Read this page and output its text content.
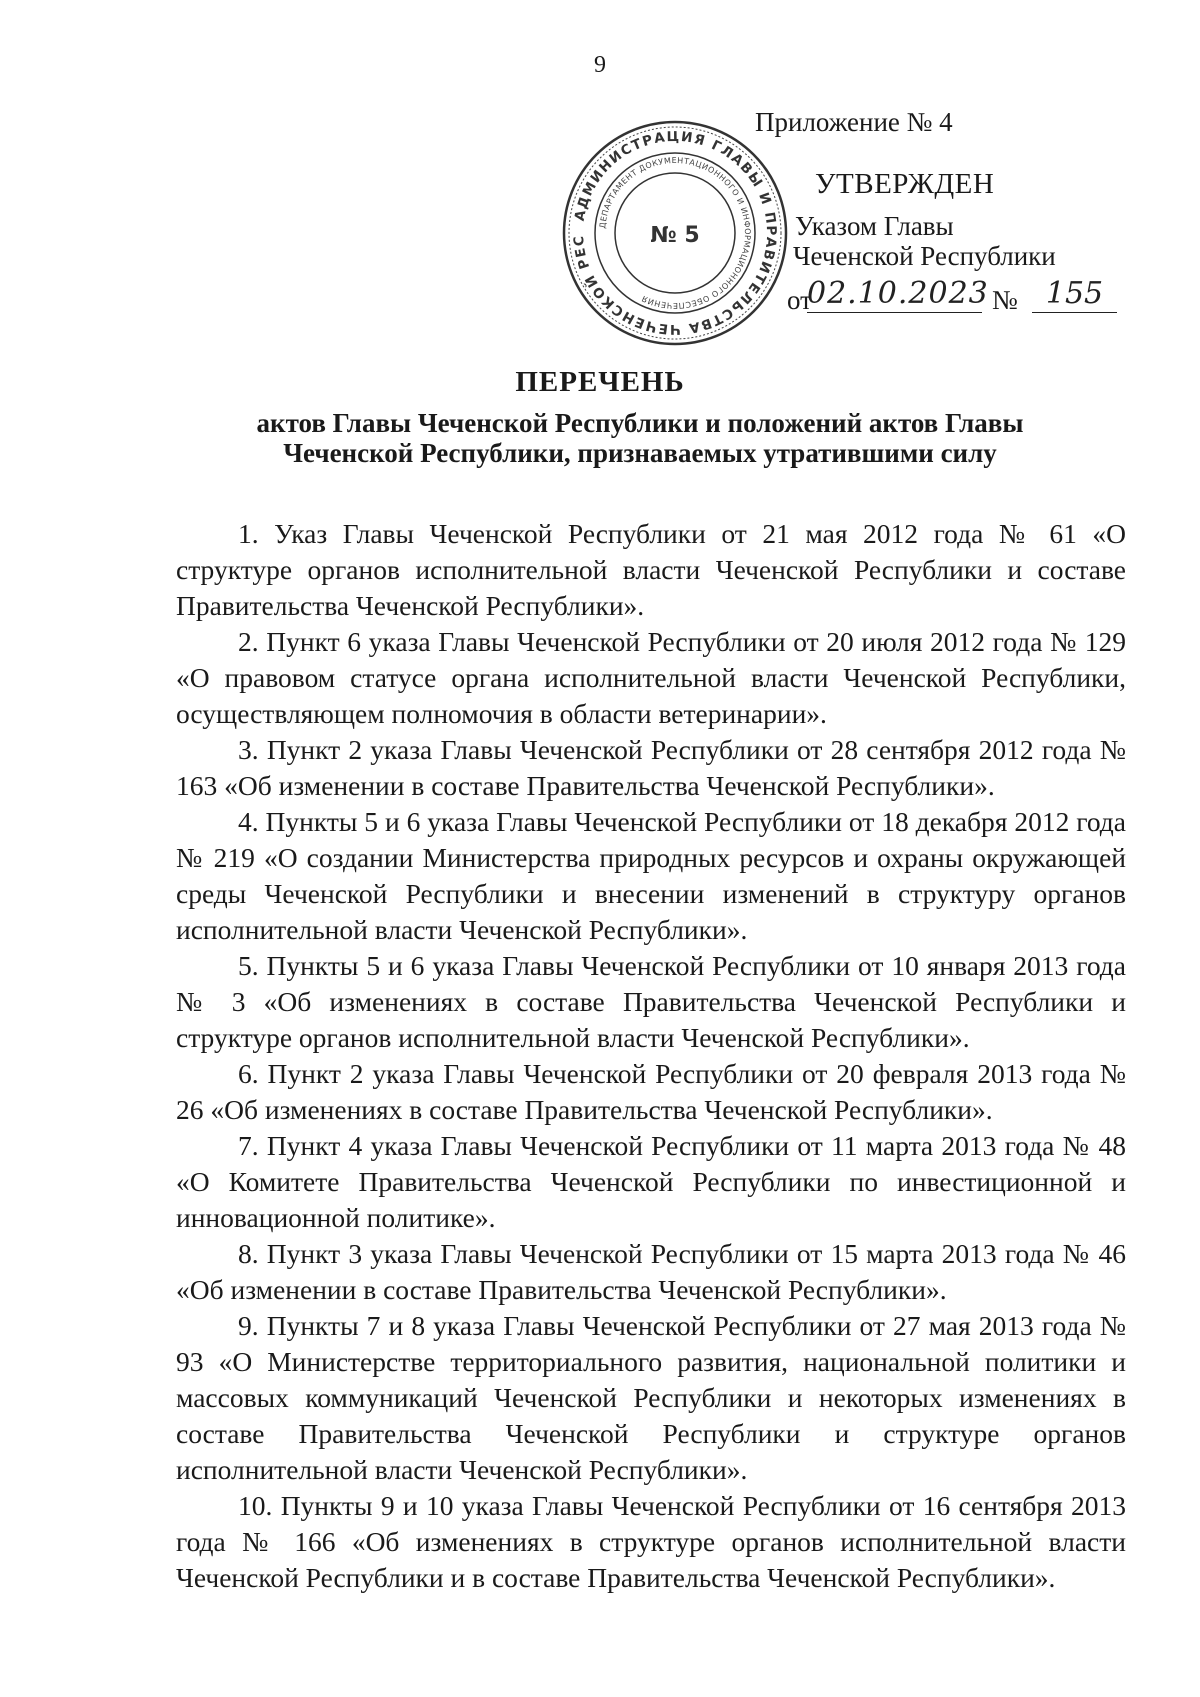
9
АДМИНИСТРАЦИЯ ГЛАВЫ И ПРАВИТЕЛЬСТВА ЧЕЧЕНСКОЙ РЕС
ДЕПАРТАМЕНТ ДОКУМЕНТАЦИОННОГО И ИНФОРМАЦИОННОГО ОБЕСПЕЧЕНИЯ
№ 5
Приложение № 4
УТВЕРЖДЕН
Указом Главы
Чеченской Республики
от
02.10.2023 № 155
ПЕРЕЧЕНЬ
актов Главы Чеченской Республики и положений актов Главы Чеченской Республики, признаваемых утратившими силу

1. Указ Главы Чеченской Республики от 21 мая 2012 года № 61 «О структуре органов исполнительной власти Чеченской Республики и составе Правительства Чеченской Республики».

2. Пункт 6 указа Главы Чеченской Республики от 20 июля 2012 года № 129 «О правовом статусе органа исполнительной власти Чеченской Республики, осуществляющем полномочия в области ветеринарии».

3. Пункт 2 указа Главы Чеченской Республики от 28 сентября 2012 года № 163 «Об изменении в составе Правительства Чеченской Республики».

4. Пункты 5 и 6 указа Главы Чеченской Республики от 18 декабря 2012 года № 219 «О создании Министерства природных ресурсов и охраны окружающей среды Чеченской Республики и внесении изменений в структуру органов исполнительной власти Чеченской Республики».

5. Пункты 5 и 6 указа Главы Чеченской Республики от 10 января 2013 года № 3 «Об изменениях в составе Правительства Чеченской Республики и структуре органов исполнительной власти Чеченской Республики».

6. Пункт 2 указа Главы Чеченской Республики от 20 февраля 2013 года № 26 «Об изменениях в составе Правительства Чеченской Республики».

7. Пункт 4 указа Главы Чеченской Республики от 11 марта 2013 года № 48 «О Комитете Правительства Чеченской Республики по инвестиционной и инновационной политике».

8. Пункт 3 указа Главы Чеченской Республики от 15 марта 2013 года № 46 «Об изменении в составе Правительства Чеченской Республики».

9. Пункты 7 и 8 указа Главы Чеченской Республики от 27 мая 2013 года № 93 «О Министерстве территориального развития, национальной политики и массовых коммуникаций Чеченской Республики и некоторых изменениях в составе Правительства Чеченской Республики и структуре органов исполнительной власти Чеченской Республики».

10. Пункты 9 и 10 указа Главы Чеченской Республики от 16 сентября 2013 года № 166 «Об изменениях в структуре органов исполнительной власти Чеченской Республики и в составе Правительства Чеченской Республики».
